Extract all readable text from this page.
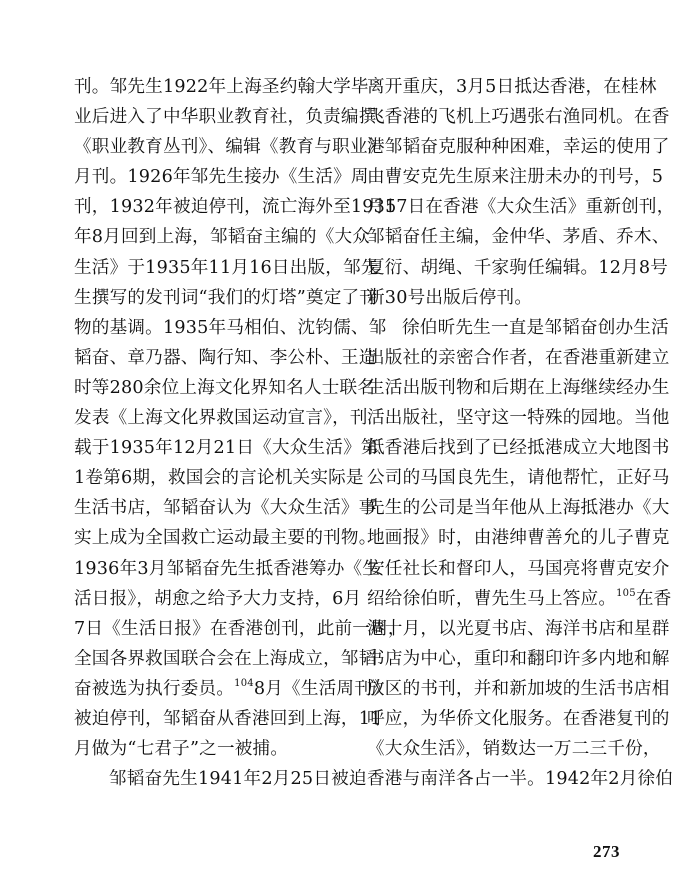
刊。邹先生1922年上海圣约翰大学毕
业后进入了中华职业教育社，负责编撰
《职业教育丛刊》、编辑《教育与职业》
月刊。1926年邹先生接办《生活》周
刊，1932年被迫停刊，流亡海外至1935
年8月回到上海，邹韬奋主编的《大众
生活》于1935年11月16日出版，邹先
生撰写的发刊词“我们的灯塔”奠定了刊
物的基调。1935年马相伯、沈钧儒、邹
韬奋、章乃器、陶行知、李公朴、王造
时等280余位上海文化界知名人士联名
发表《上海文化界救国运动宣言》，刊
载于1935年12月21日《大众生活》第
1卷第6期，救国会的言论机关实际是
生活书店，邹韬奋认为《大众生活》事
实上成为全国救亡运动最主要的刊物。
1936年3月邹韬奋先生抵香港筹办《生
活日报》，胡愈之给予大力支持，6月
7日《生活日报》在香港创刊，此前一周，
全国各界救国联合会在上海成立，邹韬
奋被选为执行委员。$^{104}$8月《生活周刊》
被迫停刊，邹韬奋从香港回到上海，11
月做为“七君子”之一被捕。
邹韬奋先生1941年2月25日被迫
离开重庆，3月5日抵达香港，在桂林
飞香港的飞机上巧遇张右渔同机。在香
港邹韬奋克服种种困难，幸运的使用了
由曹安克先生原来注册未办的刊号，5
月17日在香港《大众生活》重新创刊，
邹韬奋任主编，金仲华、茅盾、乔木、
夏衍、胡绳、千家驹任编辑。12月8号
新30号出版后停刊。
徐伯昕先生一直是邹韬奋创办生活
出版社的亲密合作者，在香港重新建立
生活出版刊物和后期在上海继续经办生
活出版社，坚守这一特殊的园地。当他
抵香港后找到了已经抵港成立大地图书
公司的马国良先生，请他帮忙，正好马
先生的公司是当年他从上海抵港办《大
地画报》时，由港绅曹善允的儿子曹克
安任社长和督印人，马国亮将曹克安介
绍给徐伯昕，曹先生马上答应。$^{105}$在香
港十月，以光夏书店、海洋书店和星群
书店为中心，重印和翻印许多内地和解
放区的书刊，并和新加坡的生活书店相
呼应，为华侨文化服务。在香港复刊的
《大众生活》，销数达一万二三千份，
香港与南洋各占一半。1942年2月徐伯
273
